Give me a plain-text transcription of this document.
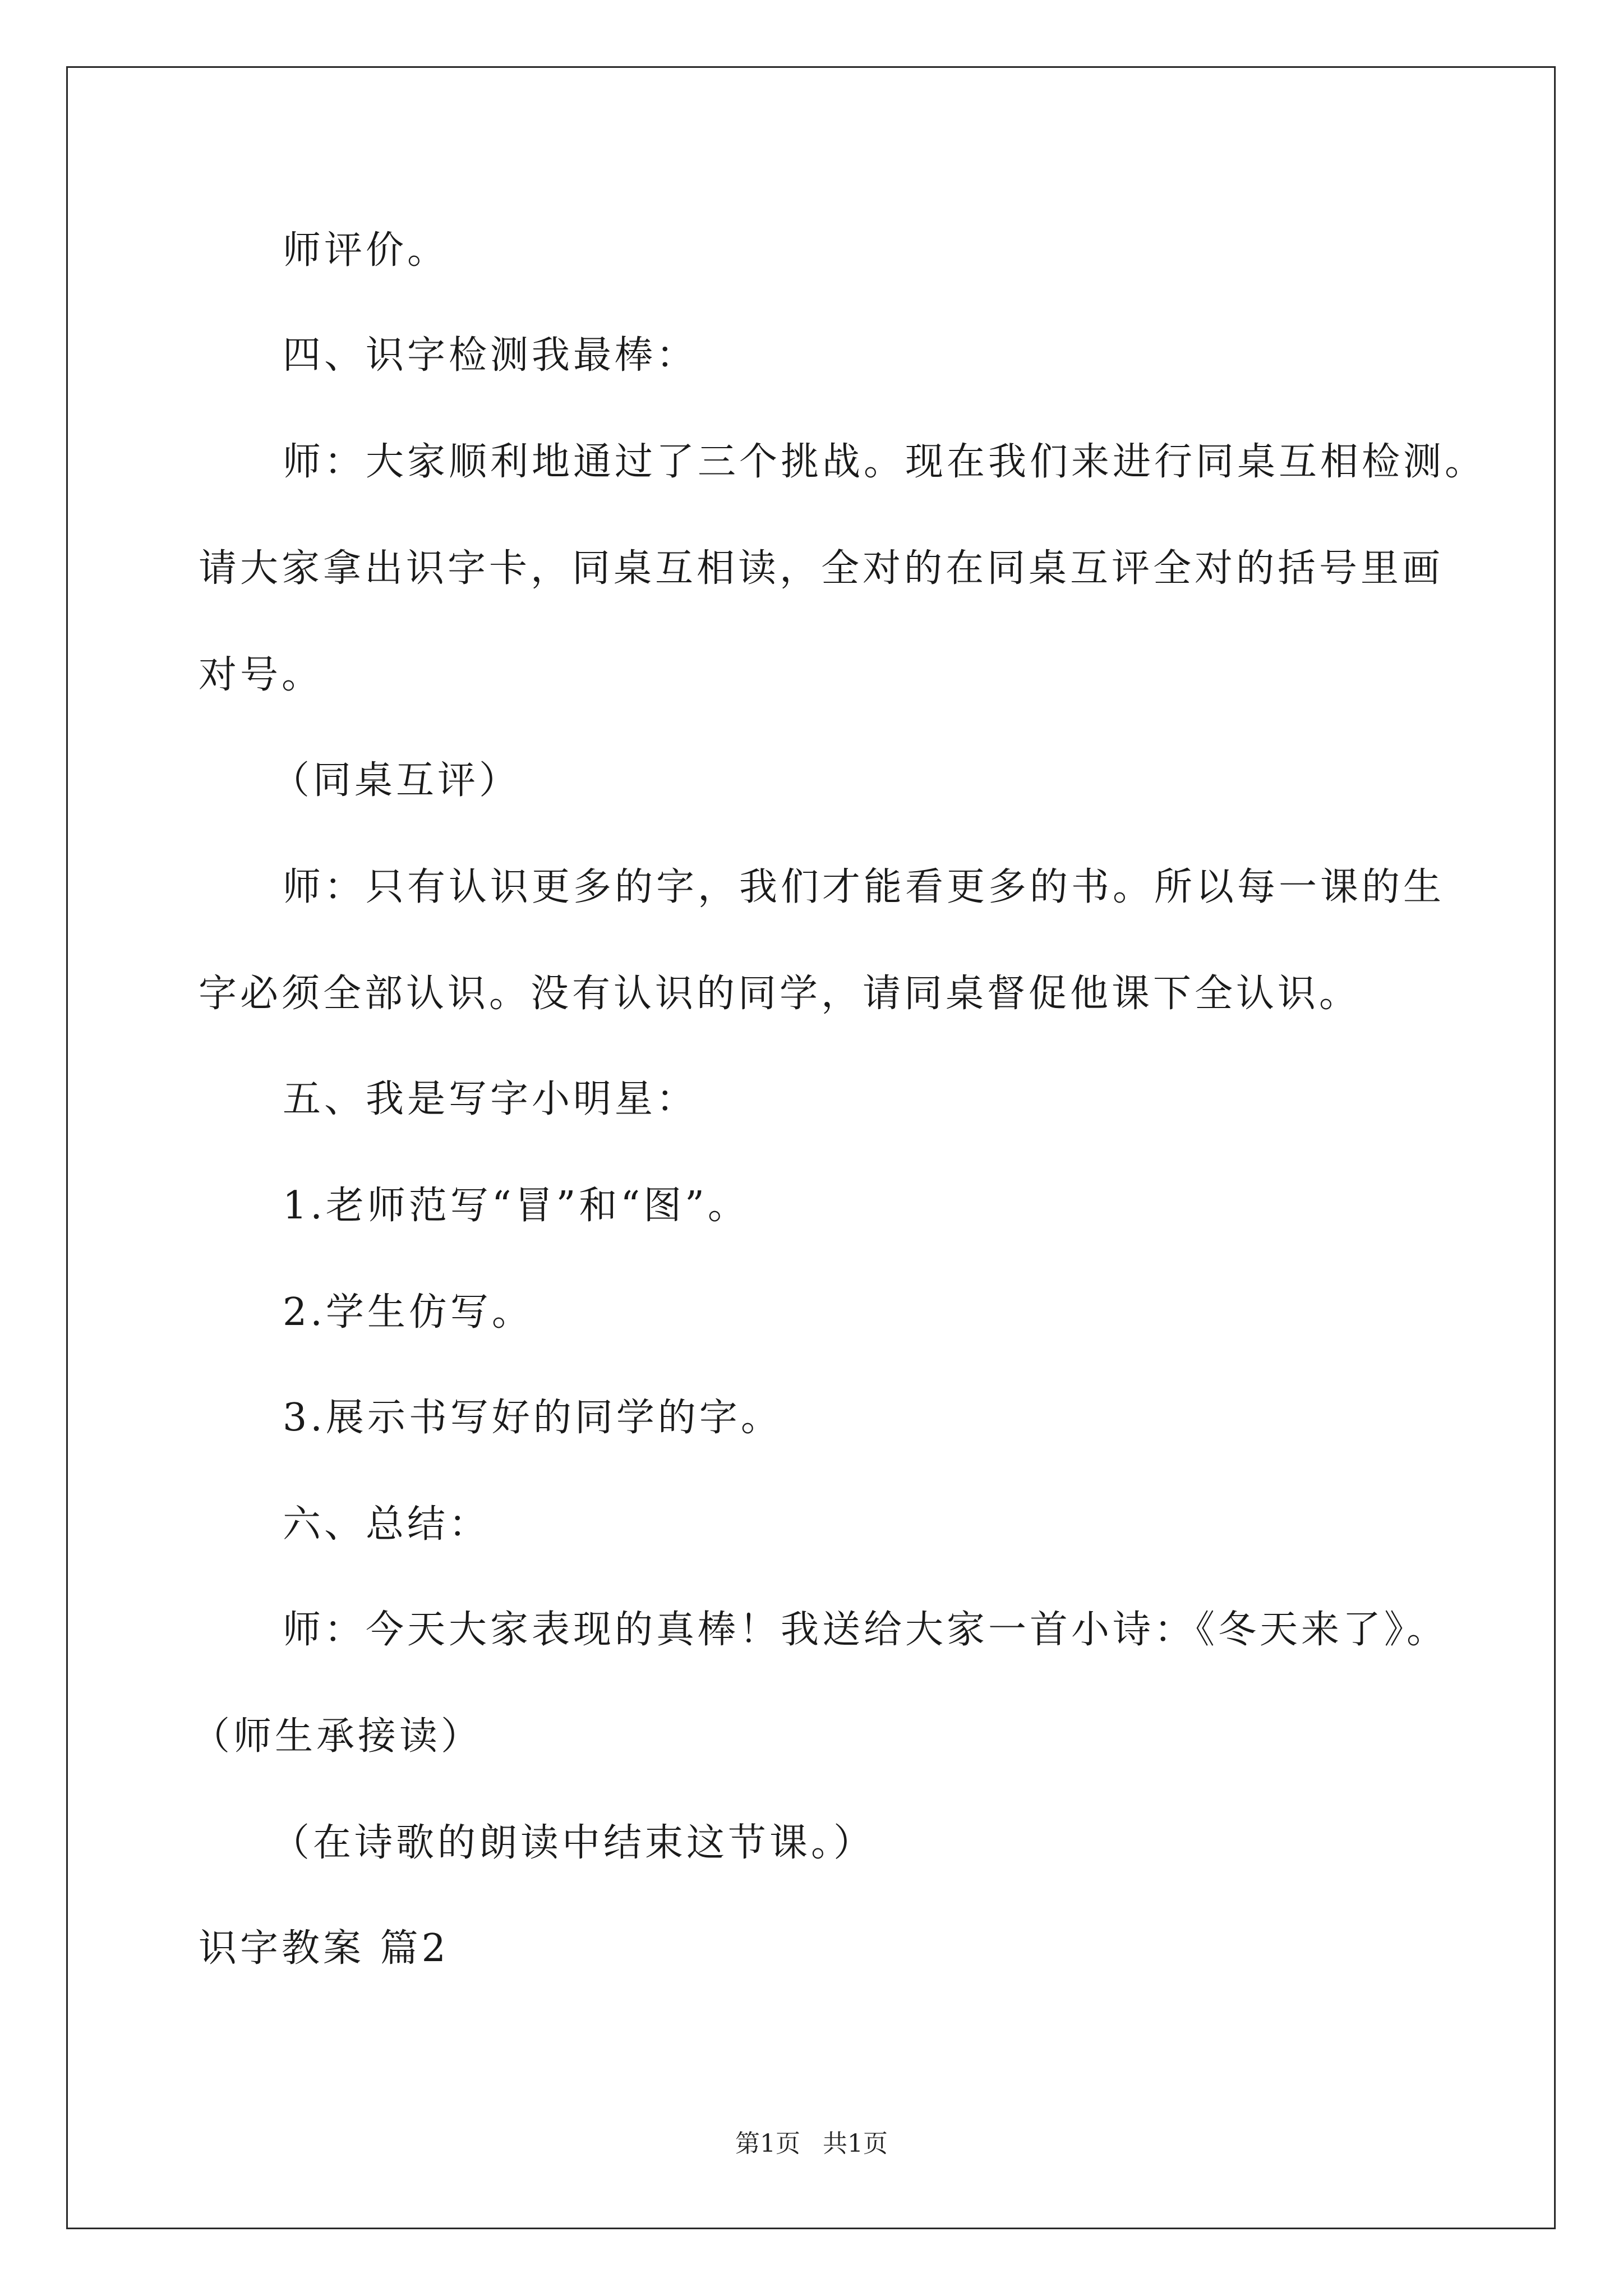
师评价。
四、识字检测我最棒：
师：大家顺利地通过了三个挑战。现在我们来进行同桌互相检测。
请大家拿出识字卡，同桌互相读，全对的在同桌互评全对的括号里画
对号。
（同桌互评）
师：只有认识更多的字，我们才能看更多的书。所以每一课的生
字必须全部认识。没有认识的同学，请同桌督促他课下全认识。
五、我是写字小明星：
1.老师范写“冒”和“图”。
2.学生仿写。
3.展示书写好的同学的字。
六、总结：
师：今天大家表现的真棒！我送给大家一首小诗：《冬天来了》。
（师生承接读）
（在诗歌的朗读中结束这节课。）
识字教案 篇2
第1页 共1页
